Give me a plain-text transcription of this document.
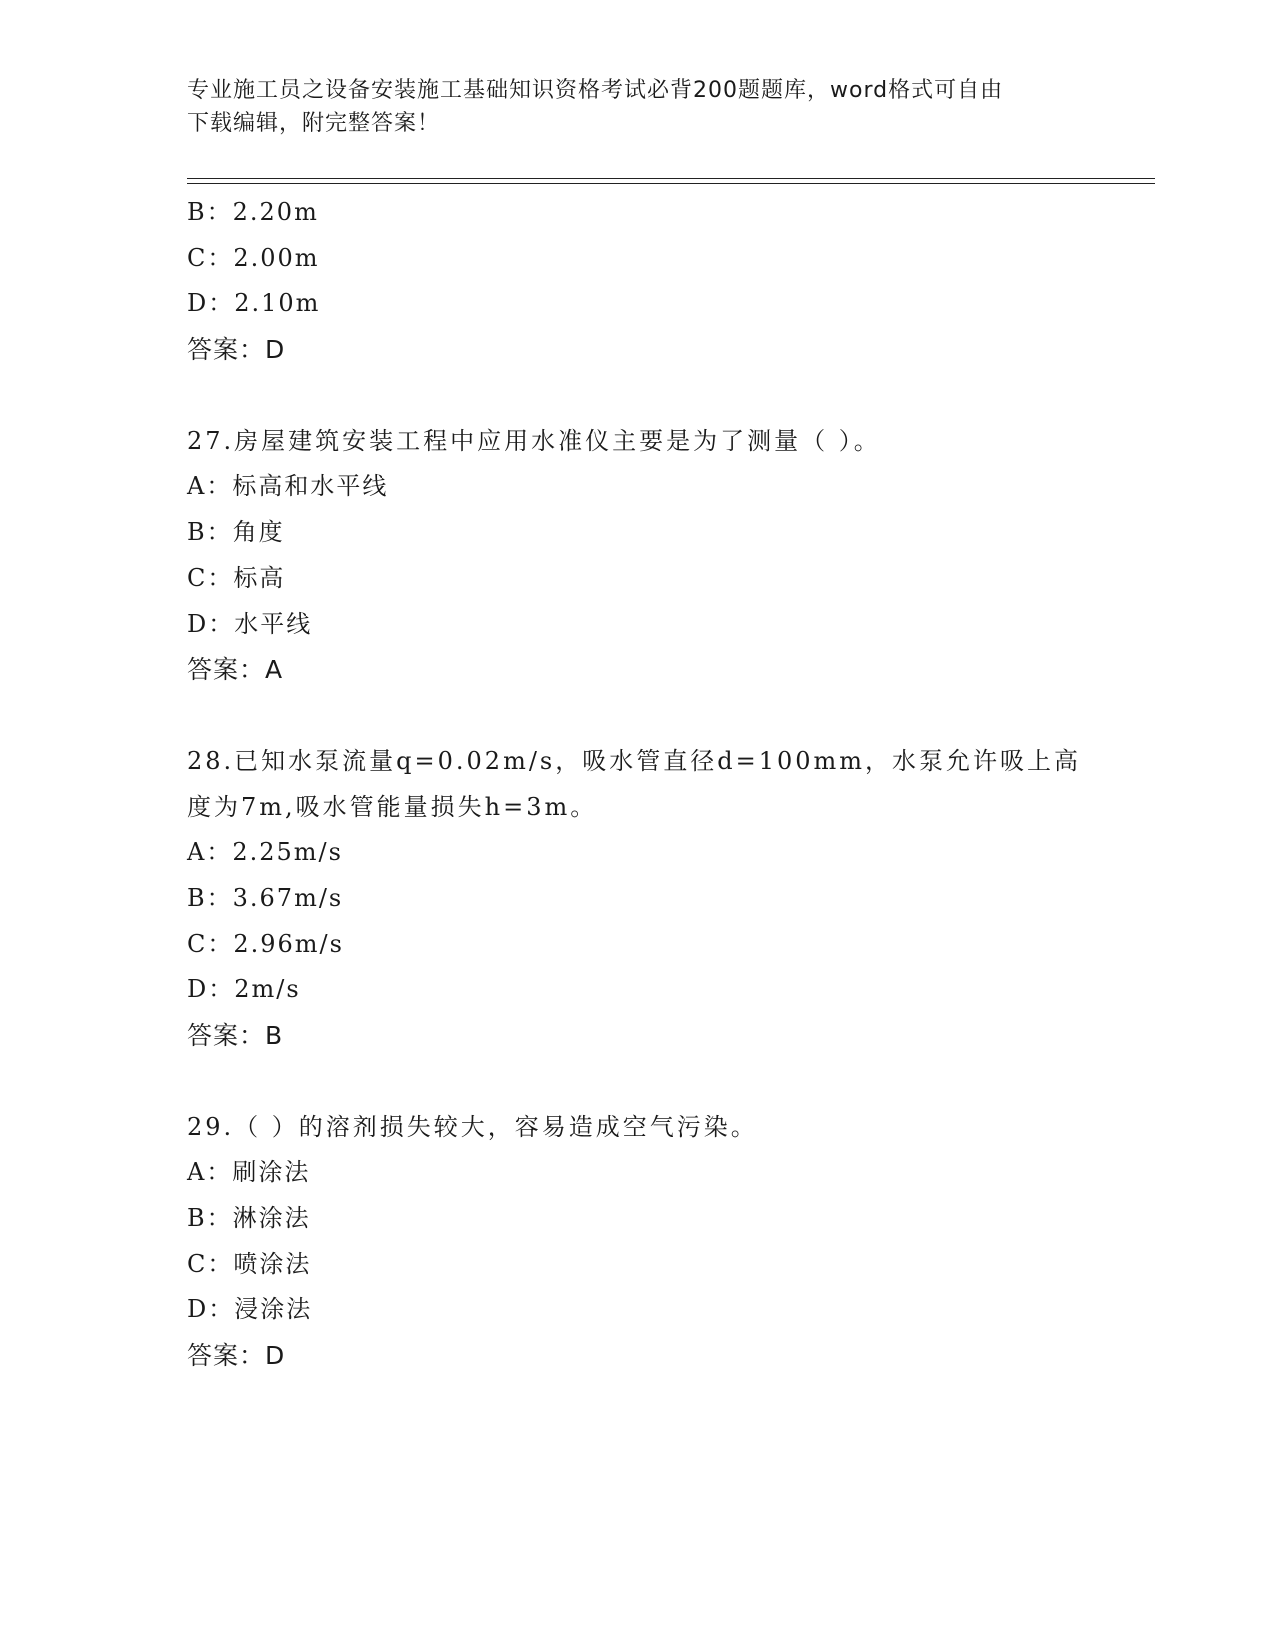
专业施工员之设备安装施工基础知识资格考试必背200题题库，word格式可自由
下载编辑，附完整答案！
B：2.20m
C：2.00m
D：2.10m
答案：D
27.房屋建筑安装工程中应用水准仪主要是为了测量（ ）。
A：标高和水平线
B：角度
C：标高
D：水平线
答案：A
28.已知水泵流量q=0.02m/s，吸水管直径d=100mm，水泵允许吸上高
度为7m,吸水管能量损失h=3m。
A：2.25m/s
B：3.67m/s
C：2.96m/s
D：2m/s
答案：B
29.（ ）的溶剂损失较大，容易造成空气污染。
A：刷涂法
B：淋涂法
C：喷涂法
D：浸涂法
答案：D
